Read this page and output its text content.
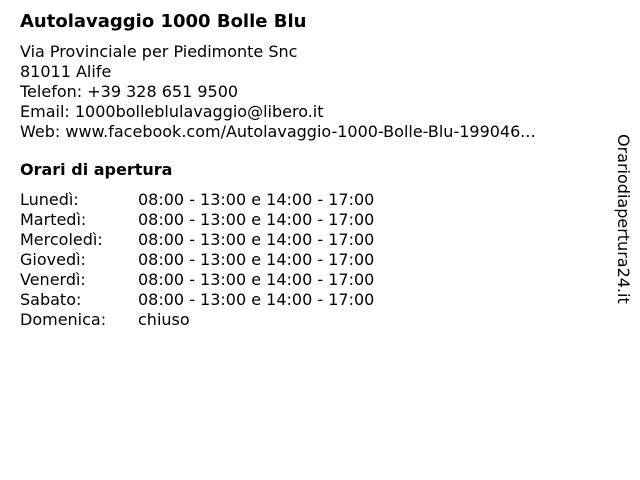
Autolavaggio 1000 Bolle Blu
Via Provinciale per Piedimonte Snc
81011 Alife
Telefon: +39 328 651 9500
Email: 1000bolleblulavaggio@libero.it
Web: www.facebook.com/Autolavaggio-1000-Bolle-Blu-199046...
Orari di apertura
Lunedì:	08:00 - 13:00 e 14:00 - 17:00
Martedì:	08:00 - 13:00 e 14:00 - 17:00
Mercoledì:	08:00 - 13:00 e 14:00 - 17:00
Giovedì:	08:00 - 13:00 e 14:00 - 17:00
Venerdì:	08:00 - 13:00 e 14:00 - 17:00
Sabato:	08:00 - 13:00 e 14:00 - 17:00
Domenica:	chiuso
Orariodiapertura24.it
